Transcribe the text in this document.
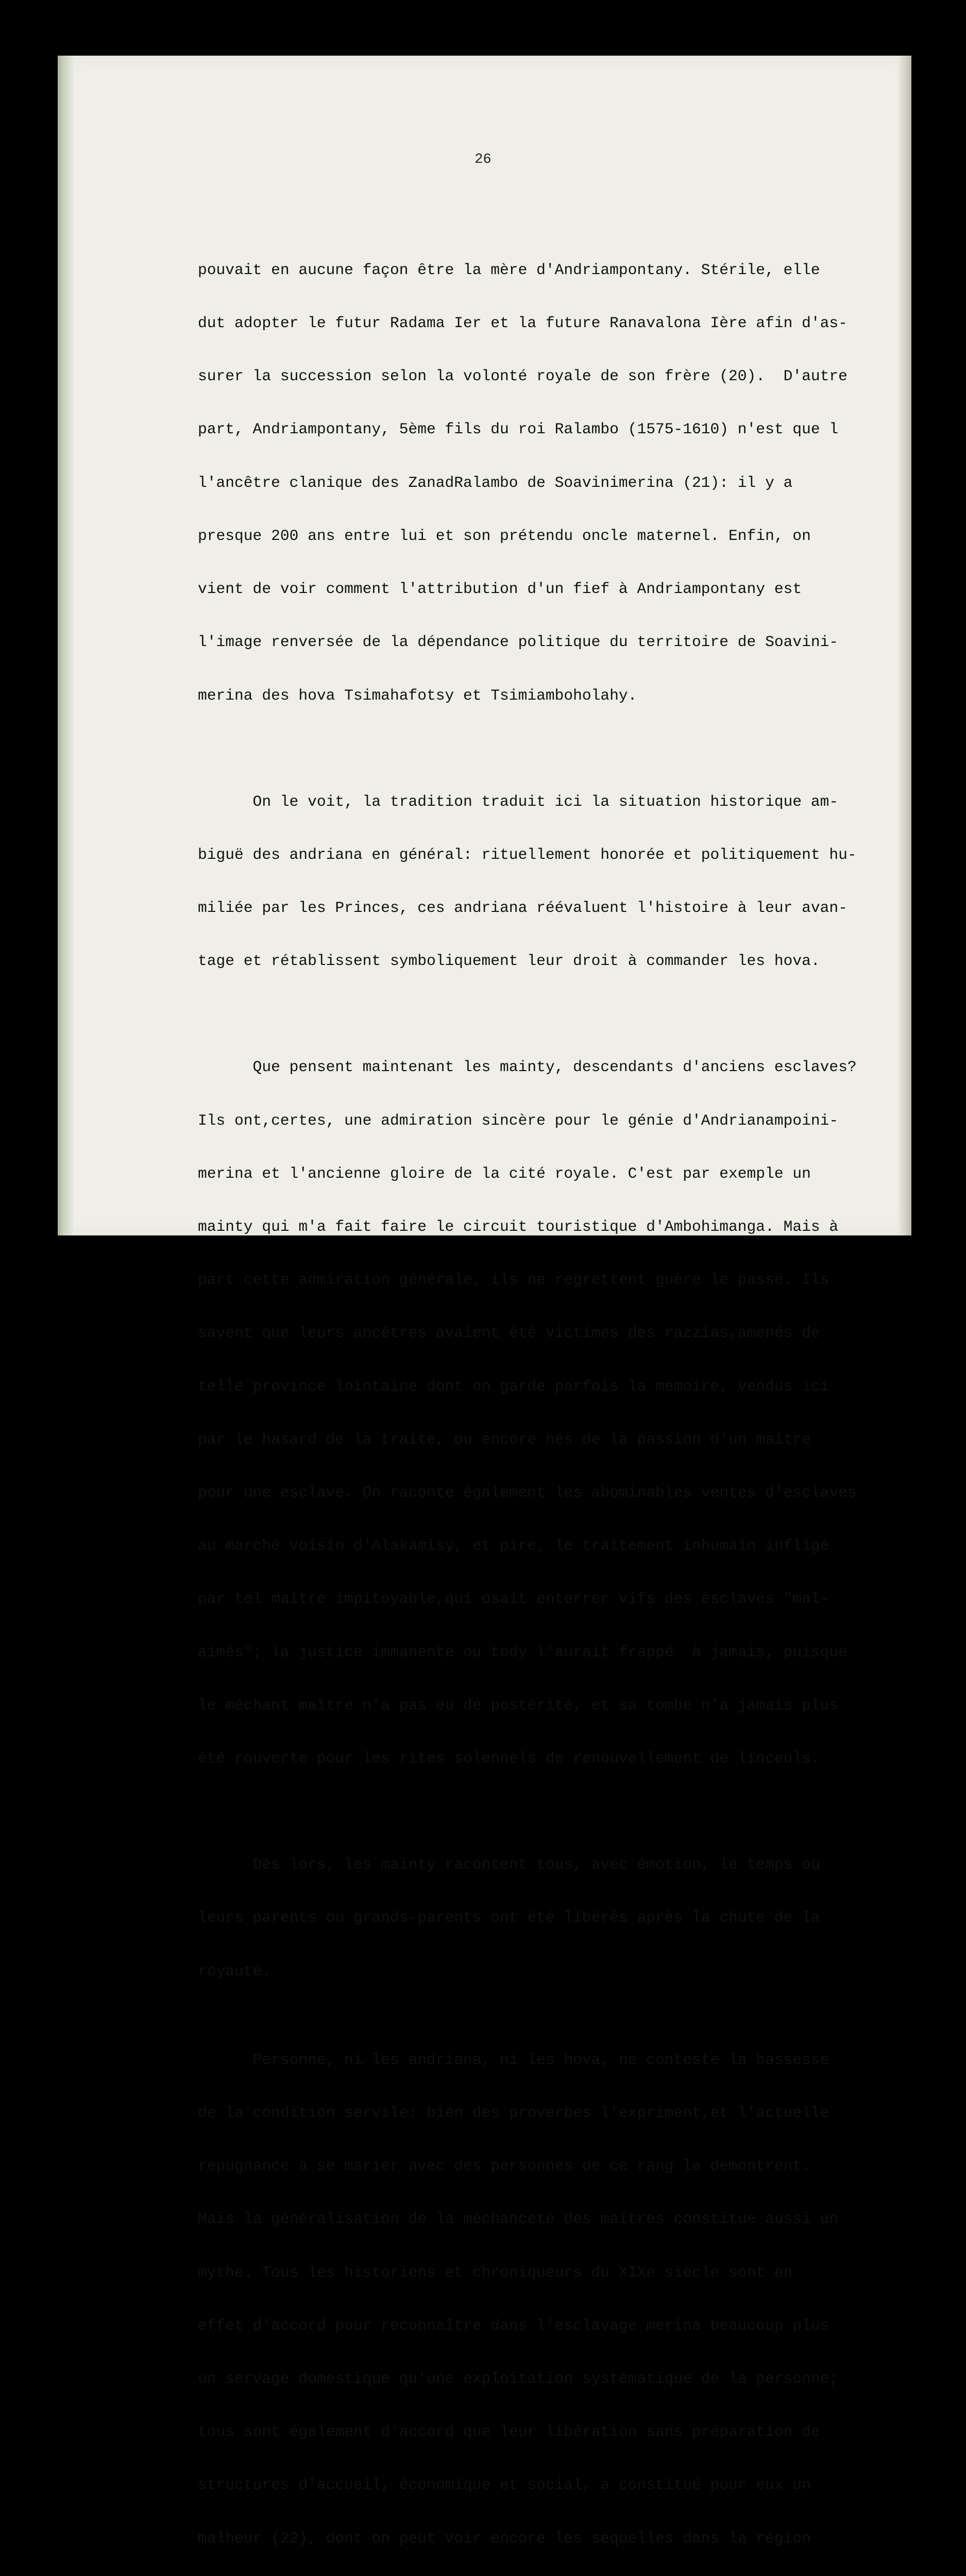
26

pouvait en aucune façon être la mère d'Andriampontany. Stérile, elle

dut adopter le futur Radama Ier et la future Ranavalona Ière afin d'as-

surer la succession selon la volonté royale de son frère (20).  D'autre

part, Andriampontany, 5ème fils du roi Ralambo (1575-1610) n'est que l

l'ancêtre clanique des ZanadRalambo de Soavinimerina (21): il y a

presque 200 ans entre lui et son prétendu oncle maternel. Enfin, on

vient de voir comment l'attribution d'un fief à Andriampontany est

l'image renversée de la dépendance politique du territoire de Soavini-

merina des hova Tsimahafotsy et Tsimiamboholahy.

On le voit, la tradition traduit ici la situation historique am-

biguë des andriana en général: rituellement honorée et politiquement hu-

miliée par les Princes, ces andriana réévaluent l'histoire à leur avan-

tage et rétablissent symboliquement leur droit à commander les hova.

Que pensent maintenant les mainty, descendants d'anciens esclaves?

Ils ont,certes, une admiration sincère pour le génie d'Andrianampoini-

merina et l'ancienne gloire de la cité royale. C'est par exemple un

mainty qui m'a fait faire le circuit touristique d'Ambohimanga. Mais à

part cette admiration générale, ils ne regrettent guère le passé. Ils

savent que leurs ancêtres avaient été victimes des razzias,amenés de

telle province lointaine dont on garde parfois la mémoire, vendus ici

par le hasard de la traite, ou encore nés de la passion d'un maître

pour une esclave. On raconte également les abominables ventes d'esclaves

au marché voisin d'Alakamisy, et pire, le traitement inhumain infligé

par tel maître impitoyable,qui osait enterrer vifs des esclaves "mal-

aimés"; la justice immanente ou tody l'aurait frappé  à jamais, puisque

le méchant maître n'a pas eu de postérité, et sa tombe n'a jamais plus

été rouverte pour les rites solennels de renouvellement de linceuls.

Dès lors, les mainty racontent tous, avec émotion, le temps où

leurs parents ou grands-parents ont été libérés après la chute de la

royauté.

Personne, ni les andriana, ni les hova, ne conteste la bassesse

de la condition servile: bien des proverbes l'expriment,et l'actuelle

répugnance à se marier avec des personnes de ce rang la démontrent.

Mais la généralisation de la méchanceté des maîtres constitue aussi un

mythe. Tous les historiens et chroniqueurs du XIXe siècle sont en

effet d'accord pour reconnaître dans l'esclavage merina beaucoup plus

un servage domestique qu'une exploitation systématique de la personne;

tous sont également d'accord que leur libération sans préparation de

structures d'accueil, économique et social, a constitué pour eux un

malheur (22), dont on peut voir encore les séquelles dans la région
